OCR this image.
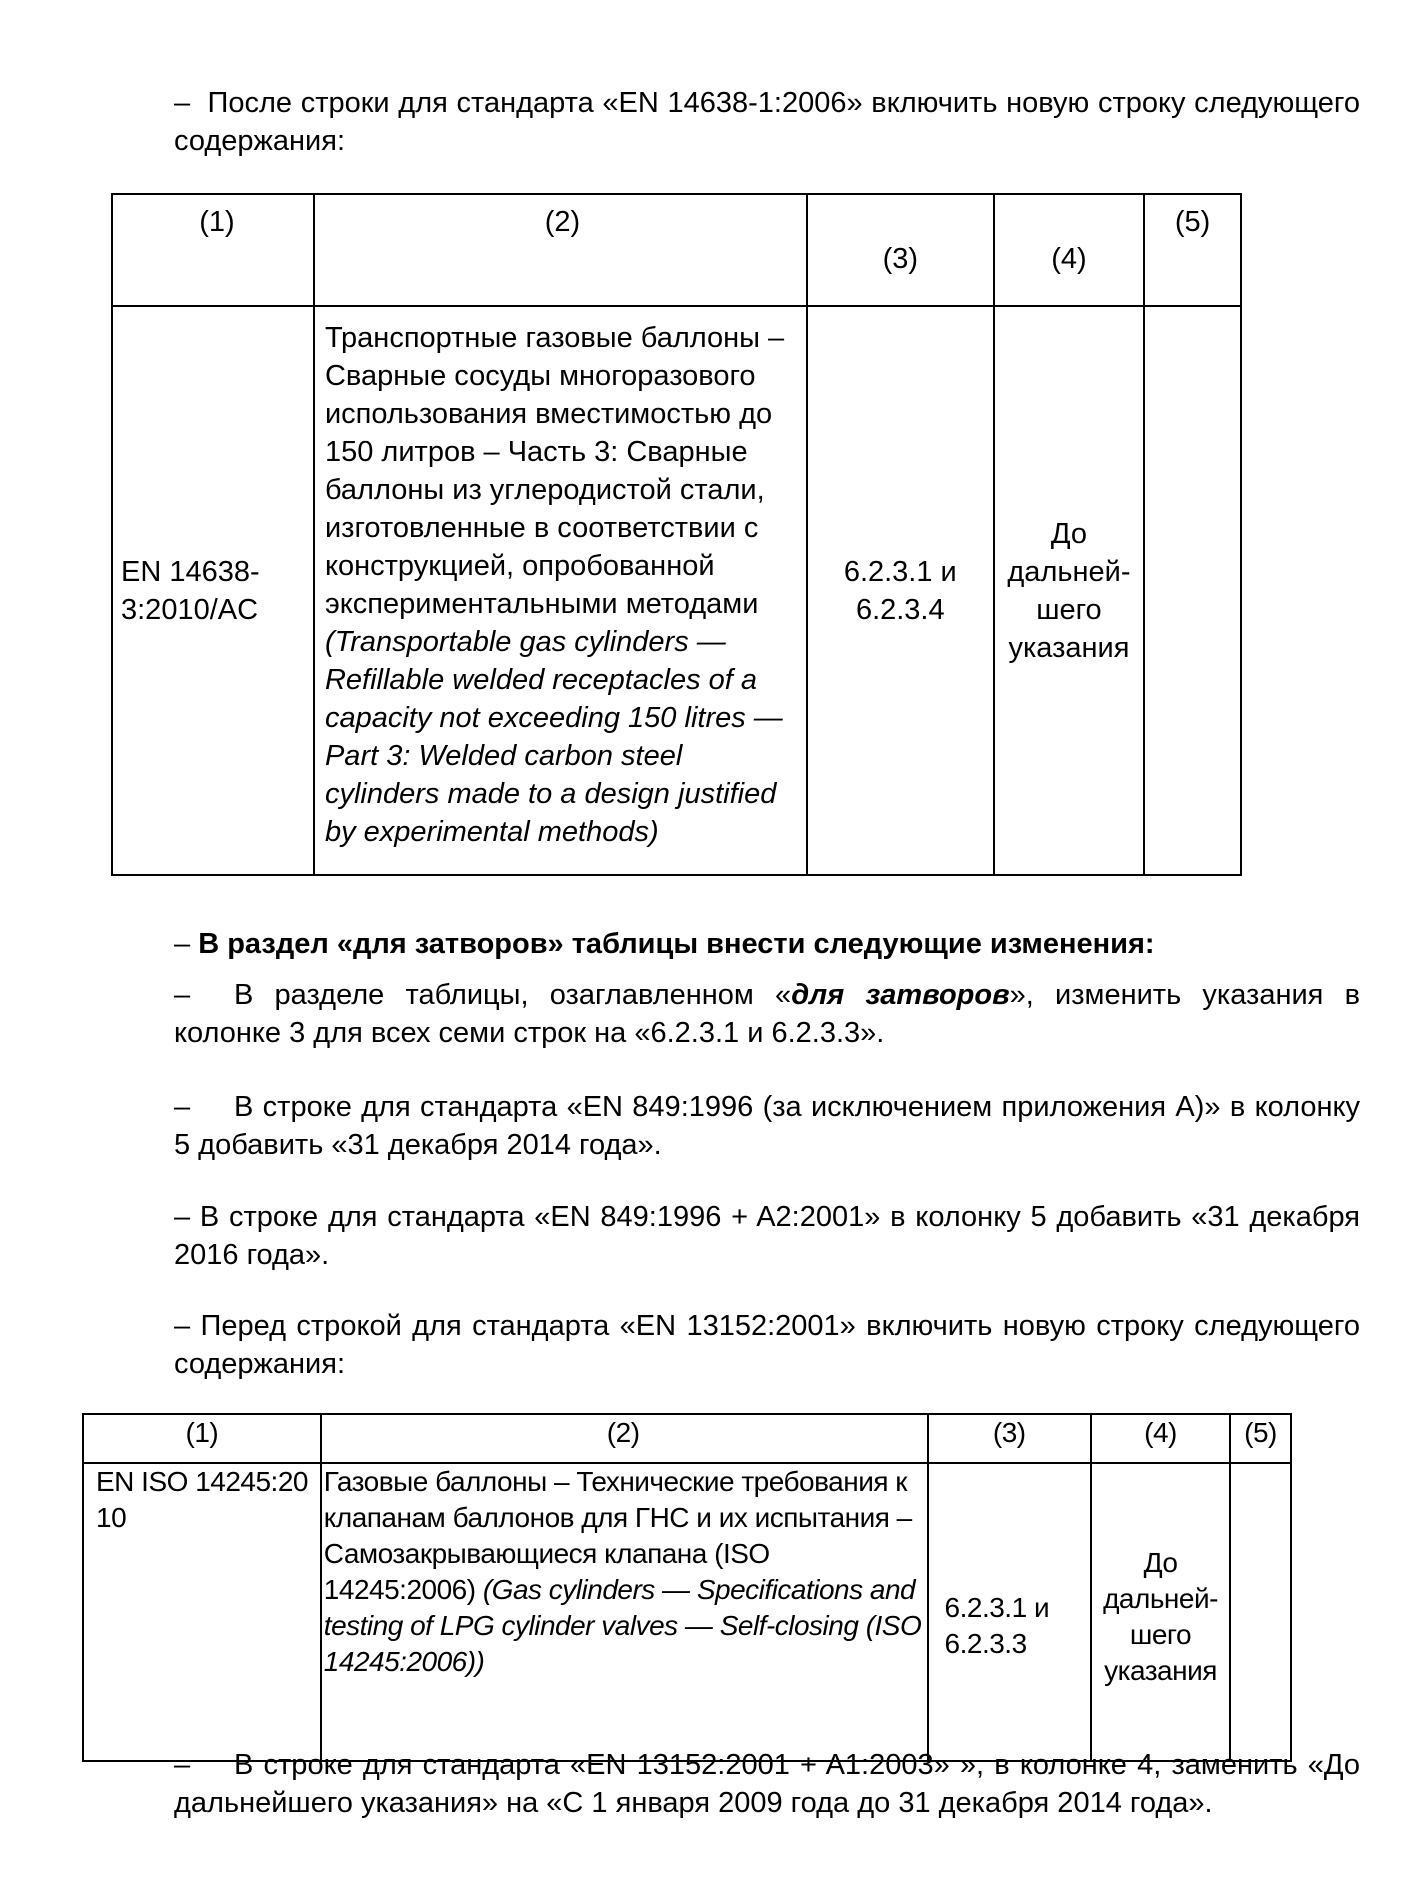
– После строки для стандарта «EN 14638-1:2006» включить новую строку следующего содержания:

(1)	(2)	(3)	(4)	(5)
EN 14638-3:2010/AC	Транспортные газовые баллоны – Сварные сосуды многоразового использования вместимостью до 150 литров – Часть 3: Сварные баллоны из углеродистой стали, изготовленные в соответствии с конструкцией, опробованной экспериментальными методами (Transportable gas cylinders — Refillable welded receptacles of a capacity not exceeding 150 litres — Part 3: Welded carbon steel cylinders made to a design justified by experimental methods)	6.2.3.1 и 6.2.3.4	До дальней-шего указания	

– В раздел «для затворов» таблицы внести следующие изменения:

– В разделе таблицы, озаглавленном «для затворов», изменить указания в колонке 3 для всех семи строк на «6.2.3.1 и 6.2.3.3».

– В строке для стандарта «EN 849:1996 (за исключением приложения А)» в колонку 5 добавить «31 декабря 2014 года».

– В строке для стандарта «EN 849:1996 + A2:2001» в колонку 5 добавить «31 декабря 2016 года».

– Перед строкой для стандарта «EN 13152:2001» включить новую строку следующего содержания:

(1)	(2)	(3)	(4)	(5)
EN ISO 14245:2010	Газовые баллоны – Технические требования к клапанам баллонов для ГНС и их испытания – Самозакрывающиеся клапана (ISO 14245:2006) (Gas cylinders — Specifications and testing of LPG cylinder valves — Self-closing (ISO 14245:2006))	6.2.3.1 и 6.2.3.3	До дальней-шего указания	

– В строке для стандарта «EN 13152:2001 + A1:2003» », в колонке 4, заменить «До дальнейшего указания» на «С 1 января 2009 года до 31 декабря 2014 года».
